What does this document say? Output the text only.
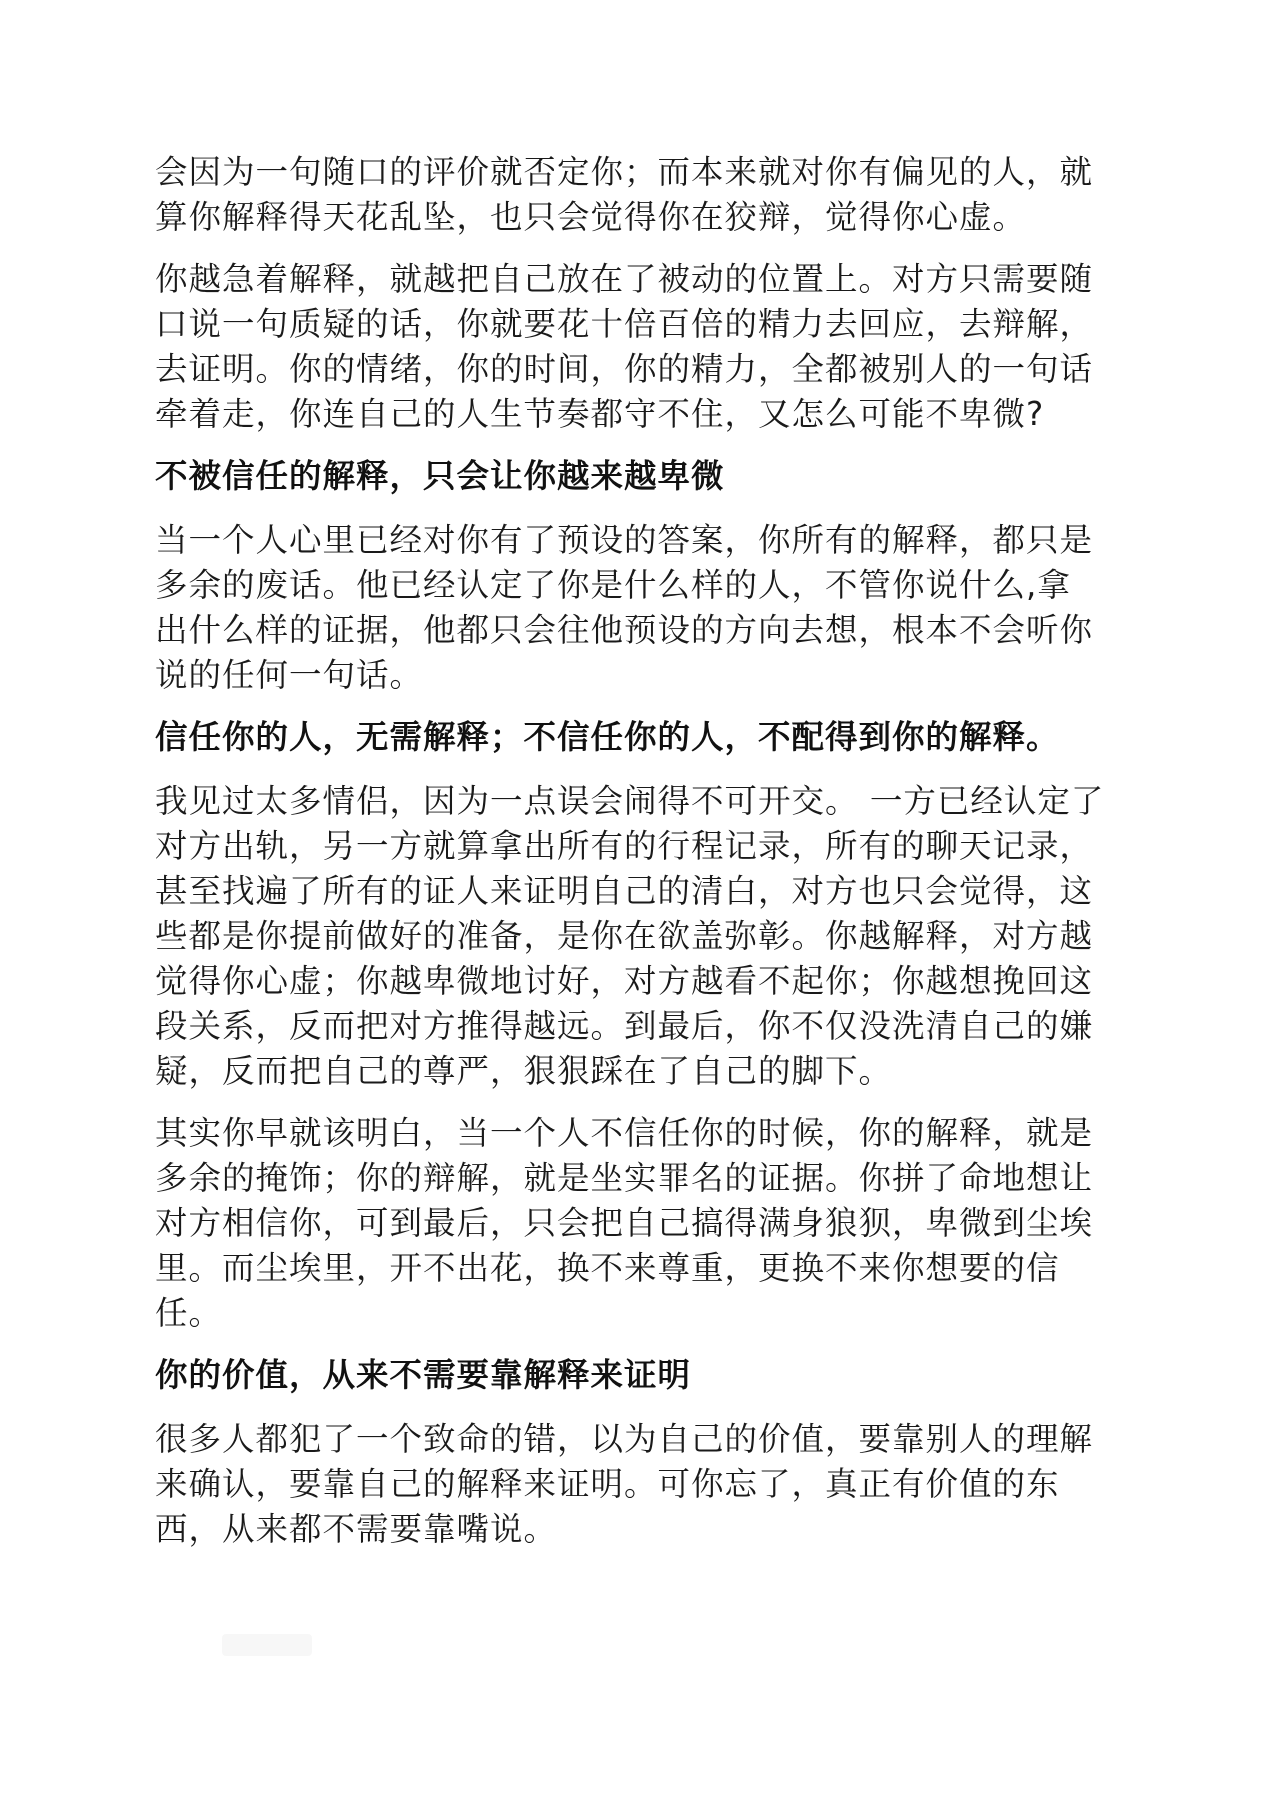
会因为一句随口的评价就否定你；而本来就对你有偏见的人，就
算你解释得天花乱坠，也只会觉得你在狡辩，觉得你心虚。

你越急着解释，就越把自己放在了被动的位置上。对方只需要随
口说一句质疑的话，你就要花十倍百倍的精力去回应，去辩解，
去证明。你的情绪，你的时间，你的精力，全都被别人的一句话
牵着走，你连自己的人生节奏都守不住，又怎么可能不卑微?

不被信任的解释，只会让你越来越卑微

当一个人心里已经对你有了预设的答案，你所有的解释，都只是
多余的废话。他已经认定了你是什么样的人，不管你说什么,拿
出什么样的证据，他都只会往他预设的方向去想，根本不会听你
说的任何一句话。

信任你的人，无需解释；不信任你的人，不配得到你的解释。

我见过太多情侣，因为一点误会闹得不可开交。 一方已经认定了
对方出轨，另一方就算拿出所有的行程记录，所有的聊天记录，
甚至找遍了所有的证人来证明自己的清白，对方也只会觉得，这
些都是你提前做好的准备，是你在欲盖弥彰。你越解释，对方越
觉得你心虚；你越卑微地讨好，对方越看不起你；你越想挽回这
段关系，反而把对方推得越远。到最后，你不仅没洗清自己的嫌
疑，反而把自己的尊严，狠狠踩在了自己的脚下。

其实你早就该明白，当一个人不信任你的时候，你的解释，就是
多余的掩饰；你的辩解，就是坐实罪名的证据。你拼了命地想让
对方相信你，可到最后，只会把自己搞得满身狼狈，卑微到尘埃
里。而尘埃里，开不出花，换不来尊重，更换不来你想要的信
任。

你的价值，从来不需要靠解释来证明

很多人都犯了一个致命的错，以为自己的价值，要靠别人的理解
来确认，要靠自己的解释来证明。可你忘了，真正有价值的东
西，从来都不需要靠嘴说。
